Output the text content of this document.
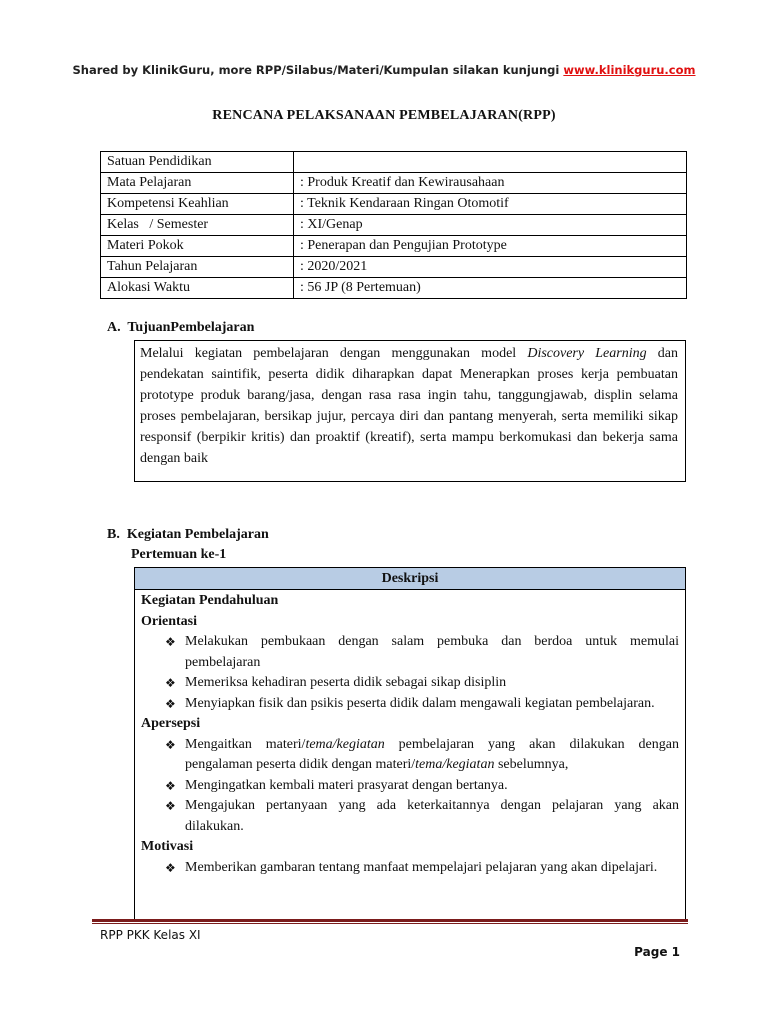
Shared by KlinikGuru, more RPP/Silabus/Materi/Kumpulan silakan kunjungi www.klinikguru.com
RENCANA PELAKSANAAN PEMBELAJARAN(RPP)
Satuan Pendidikan	
Mata Pelajaran	: Produk Kreatif dan Kewirausahaan
Kompetensi Keahlian	: Teknik Kendaraan Ringan Otomotif
Kelas   / Semester	: XI/Genap
Materi Pokok	: Penerapan dan Pengujian Prototype
Tahun Pelajaran	: 2020/2021
Alokasi Waktu	: 56 JP (8 Pertemuan)
A.  TujuanPembelajaran
Melalui kegiatan pembelajaran dengan menggunakan model Discovery Learning dan pendekatan saintifik, peserta didik diharapkan dapat Menerapkan proses kerja pembuatan prototype produk barang/jasa, dengan rasa rasa ingin tahu, tanggungjawab, displin selama proses pembelajaran, bersikap jujur, percaya diri dan pantang menyerah, serta memiliki sikap responsif (berpikir kritis) dan proaktif (kreatif), serta mampu berkomukasi dan bekerja sama dengan baik
B.  Kegiatan Pembelajaran
Pertemuan ke-1
Deskripsi

Kegiatan Pendahuluan
Orientasi
❖ Melakukan pembukaan dengan salam pembuka dan berdoa untuk memulai pembelajaran
❖ Memeriksa kehadiran peserta didik sebagai sikap disiplin
❖ Menyiapkan fisik dan psikis peserta didik dalam mengawali kegiatan pembelajaran.
Apersepsi
❖ Mengaitkan materi/tema/kegiatan pembelajaran yang akan dilakukan dengan pengalaman peserta didik dengan materi/tema/kegiatan sebelumnya,
❖ Mengingatkan kembali materi prasyarat dengan bertanya.
❖ Mengajukan pertanyaan yang ada keterkaitannya dengan pelajaran yang akan dilakukan.
Motivasi
❖ Memberikan gambaran tentang manfaat mempelajari pelajaran yang akan dipelajari.
RPP PKK Kelas XI
Page 1
